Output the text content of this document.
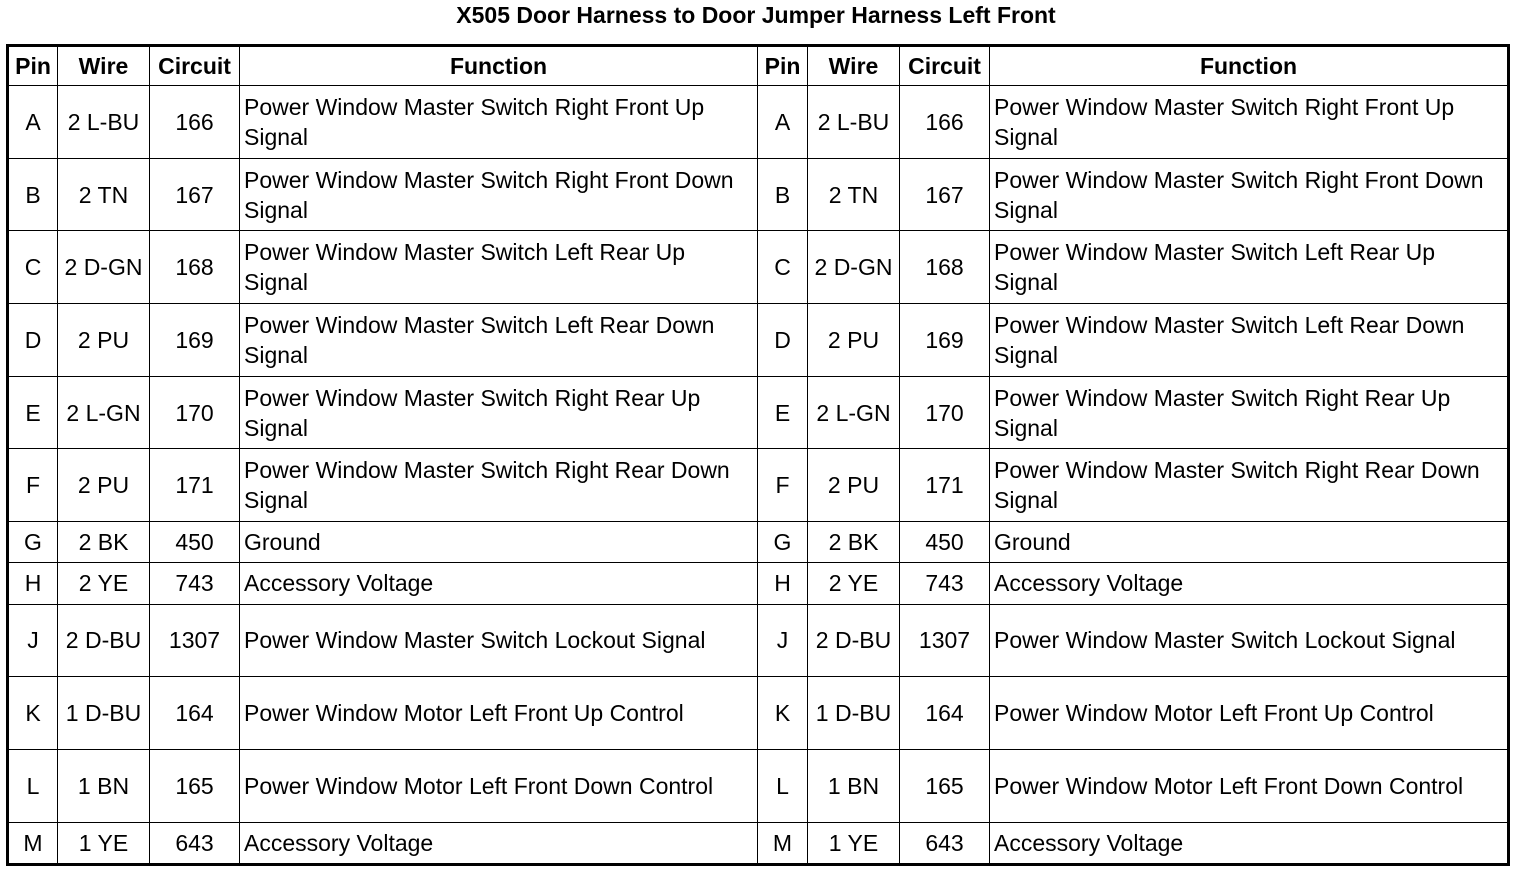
X505 Door Harness to Door Jumper Harness Left Front
Pin	Wire	Circuit	Function	Pin	Wire	Circuit	Function
A	2 L-BU	166	Power Window Master Switch Right Front Up Signal	A	2 L-BU	166	Power Window Master Switch Right Front Up Signal
B	2 TN	167	Power Window Master Switch Right Front Down Signal	B	2 TN	167	Power Window Master Switch Right Front Down Signal
C	2 D-GN	168	Power Window Master Switch Left Rear Up Signal	C	2 D-GN	168	Power Window Master Switch Left Rear Up Signal
D	2 PU	169	Power Window Master Switch Left Rear Down Signal	D	2 PU	169	Power Window Master Switch Left Rear Down Signal
E	2 L-GN	170	Power Window Master Switch Right Rear Up Signal	E	2 L-GN	170	Power Window Master Switch Right Rear Up Signal
F	2 PU	171	Power Window Master Switch Right Rear Down Signal	F	2 PU	171	Power Window Master Switch Right Rear Down Signal
G	2 BK	450	Ground	G	2 BK	450	Ground
H	2 YE	743	Accessory Voltage	H	2 YE	743	Accessory Voltage
J	2 D-BU	1307	Power Window Master Switch Lockout Signal	J	2 D-BU	1307	Power Window Master Switch Lockout Signal
K	1 D-BU	164	Power Window Motor Left Front Up Control	K	1 D-BU	164	Power Window Motor Left Front Up Control
L	1 BN	165	Power Window Motor Left Front Down Control	L	1 BN	165	Power Window Motor Left Front Down Control
M	1 YE	643	Accessory Voltage	M	1 YE	643	Accessory Voltage
